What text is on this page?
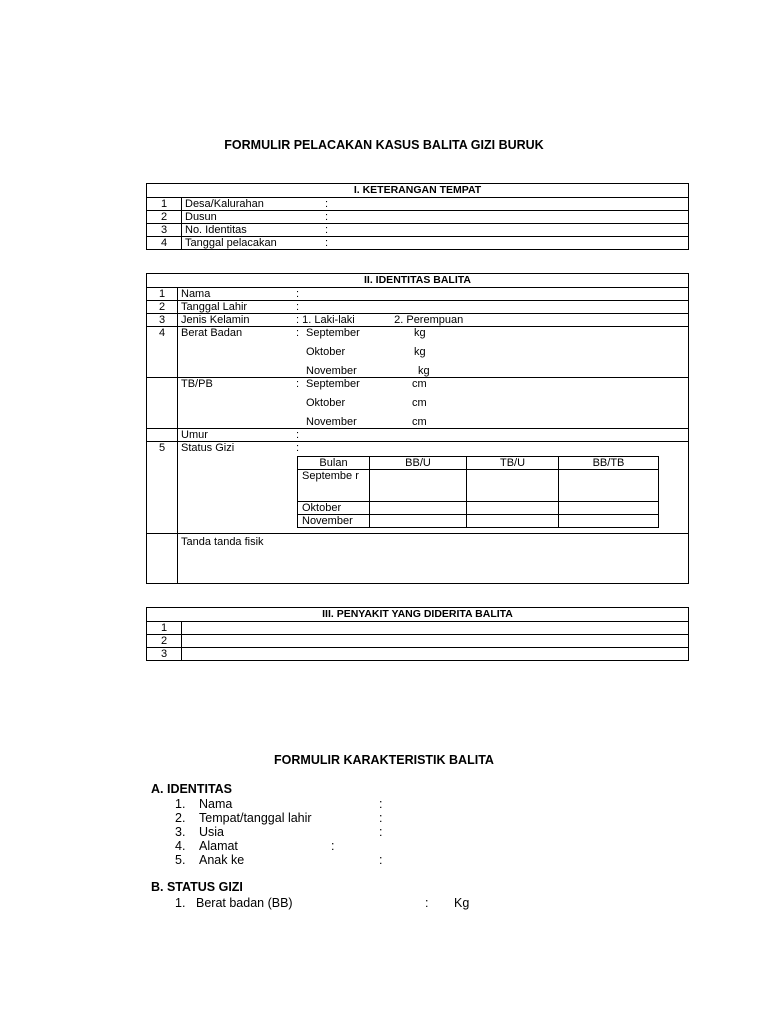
FORMULIR PELACAKAN KASUS BALITA GIZI BURUK
I. KETERANGAN TEMPAT	
1	Desa/Kalurahan :
2	Dusun :
3	No. Identitas :
4	Tanggal pelacakan :
II. IDENTITAS BALITA
1	Nama	:
2	Tanggal Lahir	:
3	Jenis Kelamin	: 1. Laki-laki	2. Perempuan
4	Berat Badan	: September	kg
Oktober	kg
November	kg

TB/PB	: September	cm
Oktober	cm
November	cm

	Umur	:
5	Status Gizi	:
Bulan	BB/U	TB/U	BB/TB
Septembe r			
Oktober			
November			

	Tanda tanda fisik
III. PENYAKIT YANG DIDERITA BALITA	
1	
2	
3	
FORMULIR KARAKTERISTIK BALITA
A. IDENTITAS
1. Nama	:
2. Tempat/tanggal lahir	:
3. Usia	:
4. Alamat	:
5. Anak ke	:
B. STATUS GIZI
1. Berat badan (BB)	: Kg
